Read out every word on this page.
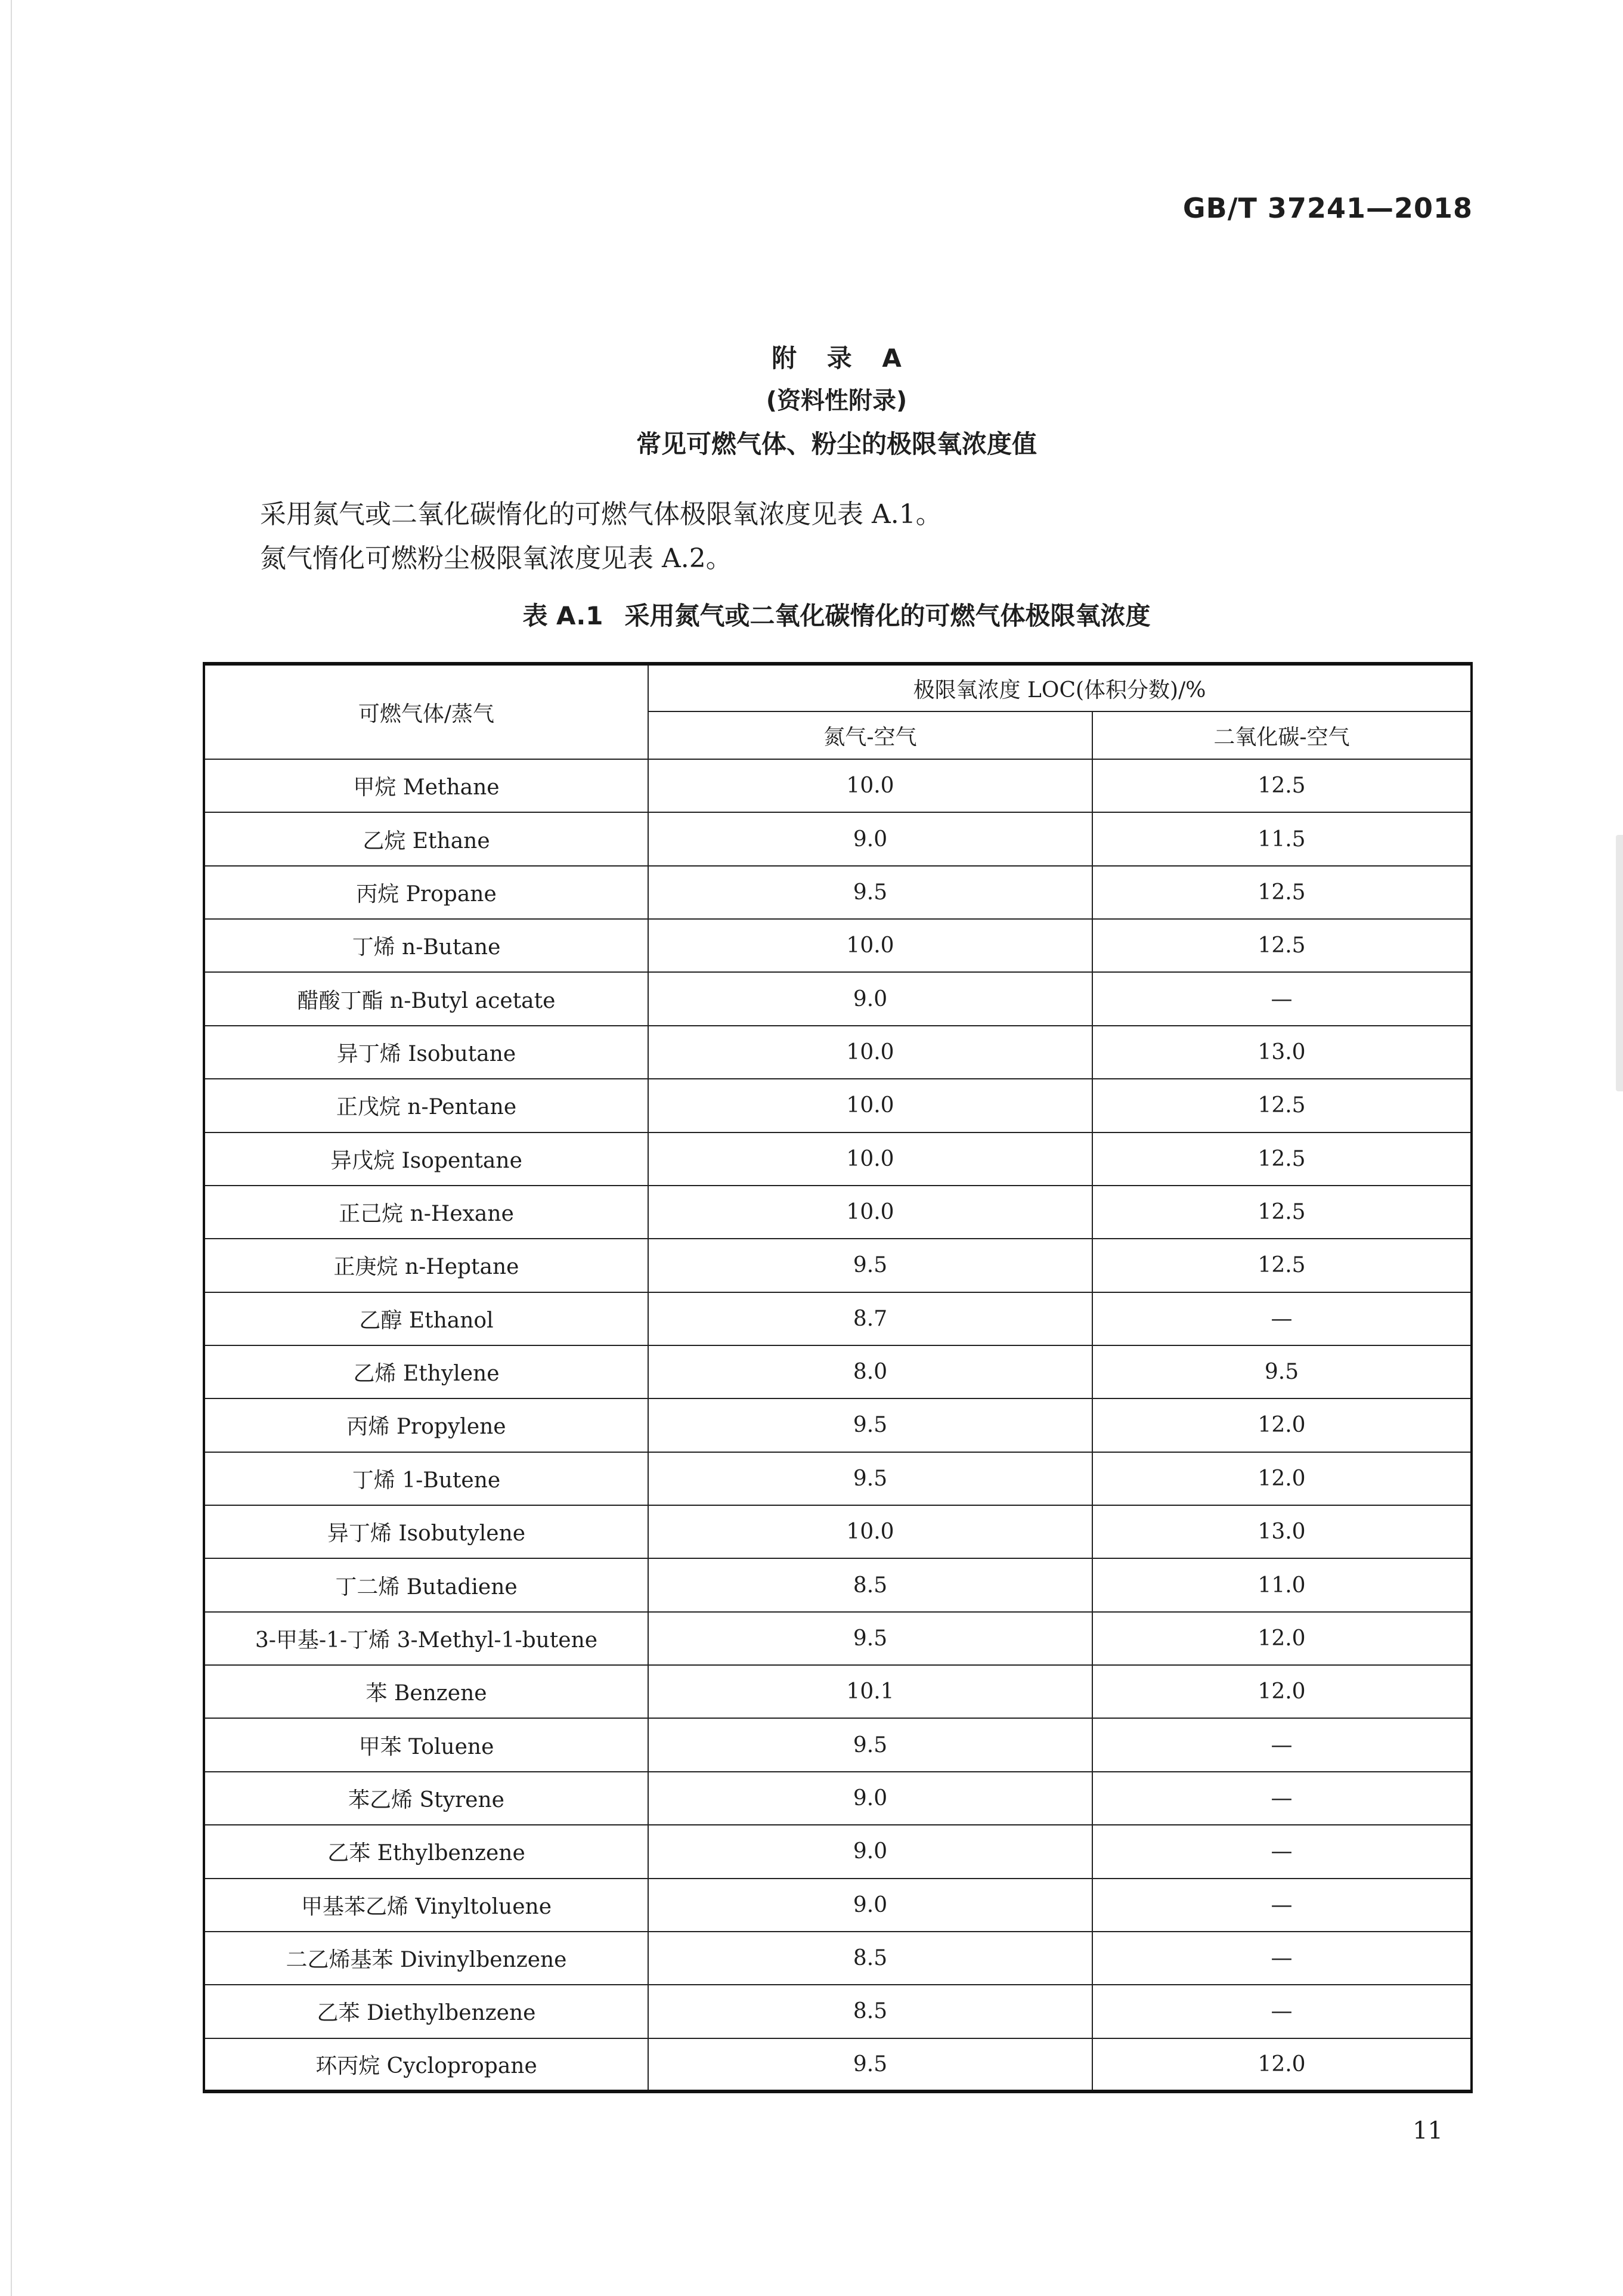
GB/T 37241—2018
附 录 A
(资料性附录)
常见可燃气体、粉尘的极限氧浓度值
采用氮气或二氧化碳惰化的可燃气体极限氧浓度见表 A.1。
氮气惰化可燃粉尘极限氧浓度见表 A.2。
表 A.1 采用氮气或二氧化碳惰化的可燃气体极限氧浓度
可燃气体/蒸气	极限氧浓度 LOC(体积分数)/%	
	氮气-空气	二氧化碳-空气
甲烷 Methane	10.0	12.5
乙烷 Ethane	9.0	11.5
丙烷 Propane	9.5	12.5
丁烯 n-Butane	10.0	12.5
醋酸丁酯 n-Butyl acetate	9.0	—
异丁烯 Isobutane	10.0	13.0
正戊烷 n-Pentane	10.0	12.5
异戊烷 Isopentane	10.0	12.5
正己烷 n-Hexane	10.0	12.5
正庚烷 n-Heptane	9.5	12.5
乙醇 Ethanol	8.7	—
乙烯 Ethylene	8.0	9.5
丙烯 Propylene	9.5	12.0
丁烯 1-Butene	9.5	12.0
异丁烯 Isobutylene	10.0	13.0
丁二烯 Butadiene	8.5	11.0
3-甲基-1-丁烯 3-Methyl-1-butene	9.5	12.0
苯 Benzene	10.1	12.0
甲苯 Toluene	9.5	—
苯乙烯 Styrene	9.0	—
乙苯 Ethylbenzene	9.0	—
甲基苯乙烯 Vinyltoluene	9.0	—
二乙烯基苯 Divinylbenzene	8.5	—
乙苯 Diethylbenzene	8.5	—
环丙烷 Cyclopropane	9.5	12.0
11
